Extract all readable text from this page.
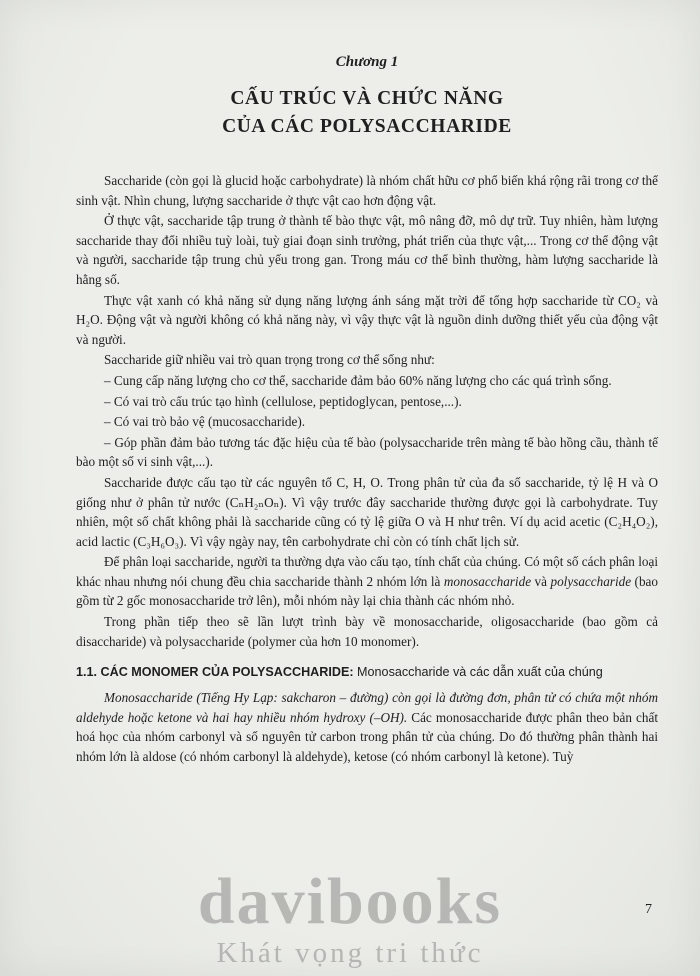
Chương 1
CẤU TRÚC VÀ CHỨC NĂNG
CỦA CÁC POLYSACCHARIDE

Saccharide (còn gọi là glucid hoặc carbohydrate) là nhóm chất hữu cơ phổ biến khá rộng rãi trong cơ thể sinh vật. Nhìn chung, lượng saccharide ở thực vật cao hơn động vật.

Ở thực vật, saccharide tập trung ở thành tế bào thực vật, mô nâng đỡ, mô dự trữ. Tuy nhiên, hàm lượng saccharide thay đổi nhiều tuỳ loài, tuỳ giai đoạn sinh trưởng, phát triển của thực vật,... Trong cơ thể động vật và người, saccharide tập trung chủ yếu trong gan. Trong máu cơ thể bình thường, hàm lượng saccharide là hằng số.

Thực vật xanh có khả năng sử dụng năng lượng ánh sáng mặt trời để tổng hợp saccharide từ CO₂ và H₂O. Động vật và người không có khả năng này, vì vậy thực vật là nguồn dinh dưỡng thiết yếu của động vật và người.

Saccharide giữ nhiều vai trò quan trọng trong cơ thể sống như:

– Cung cấp năng lượng cho cơ thể, saccharide đảm bảo 60% năng lượng cho các quá trình sống.

– Có vai trò cấu trúc tạo hình (cellulose, peptidoglycan, pentose,...).

– Có vai trò bảo vệ (mucosaccharide).

– Góp phần đảm bảo tương tác đặc hiệu của tế bào (polysaccharide trên màng tế bào hồng cầu, thành tế bào một số vi sinh vật,...).

Saccharide được cấu tạo từ các nguyên tố C, H, O. Trong phân tử của đa số saccharide, tỷ lệ H và O giống như ở phân tử nước (CₙH₂ₙOₙ). Vì vậy trước đây saccharide thường được gọi là carbohydrate. Tuy nhiên, một số chất không phải là saccharide cũng có tỷ lệ giữa O và H như trên. Ví dụ acid acetic (C₂H₄O₂), acid lactic (C₃H₆O₃). Vì vậy ngày nay, tên carbohydrate chỉ còn có tính chất lịch sử.

Để phân loại saccharide, người ta thường dựa vào cấu tạo, tính chất của chúng. Có một số cách phân loại khác nhau nhưng nói chung đều chia saccharide thành 2 nhóm lớn là monosaccharide và polysaccharide (bao gồm từ 2 gốc monosaccharide trở lên), mỗi nhóm này lại chia thành các nhóm nhỏ.

Trong phần tiếp theo sẽ lần lượt trình bày về monosaccharide, oligosaccharide (bao gồm cả disaccharide) và polysaccharide (polymer của hơn 10 monomer).

1.1. CÁC MONOMER CỦA POLYSACCHARIDE: Monosaccharide và các dẫn xuất của chúng

Monosaccharide (Tiếng Hy Lạp: sakcharon – đường) còn gọi là đường đơn, phân tử có chứa một nhóm aldehyde hoặc ketone và hai hay nhiều nhóm hydroxy (–OH). Các monosaccharide được phân theo bản chất hoá học của nhóm carbonyl và số nguyên tử carbon trong phân tử của chúng. Do đó thường phân thành hai nhóm lớn là aldose (có nhóm carbonyl là aldehyde), ketose (có nhóm carbonyl là ketone). Tuỳ

davibooks
Khát vọng tri thức
7
